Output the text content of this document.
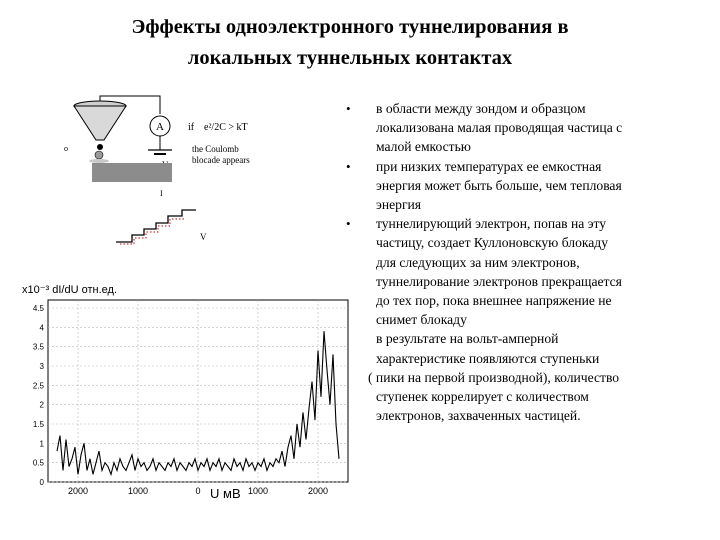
Эффекты одноэлектронного туннелирования в
локальных туннельных контактах
A
o
if e²/2C > kT
the Coulomb
blocade appears
I
V
• в области между зондом и образцом
локализована малая проводящая частица с
малой емкостью
• при низких температурах ее емкостная
энергия может быть больше, чем тепловая
энергия
• туннелирующий электрон, попав на эту
частицу, создает Куллоновскую блокаду
для следующих за ним электронов,
туннелирование электронов прекращается
до тех пор, пока внешнее напряжение не
снимет блокаду
в результате на вольт-амперной
характеристике появляются ступеньки
( пики на первой производной), количество
ступенек коррелирует с количеством
электронов, захваченных частицей.
x10⁻³ dI/dU отн.ед.
4.5
4
3.5
3
2.5
2
1.5
1
0.5
0
2000	1000	0	1000	2000
U мВ
